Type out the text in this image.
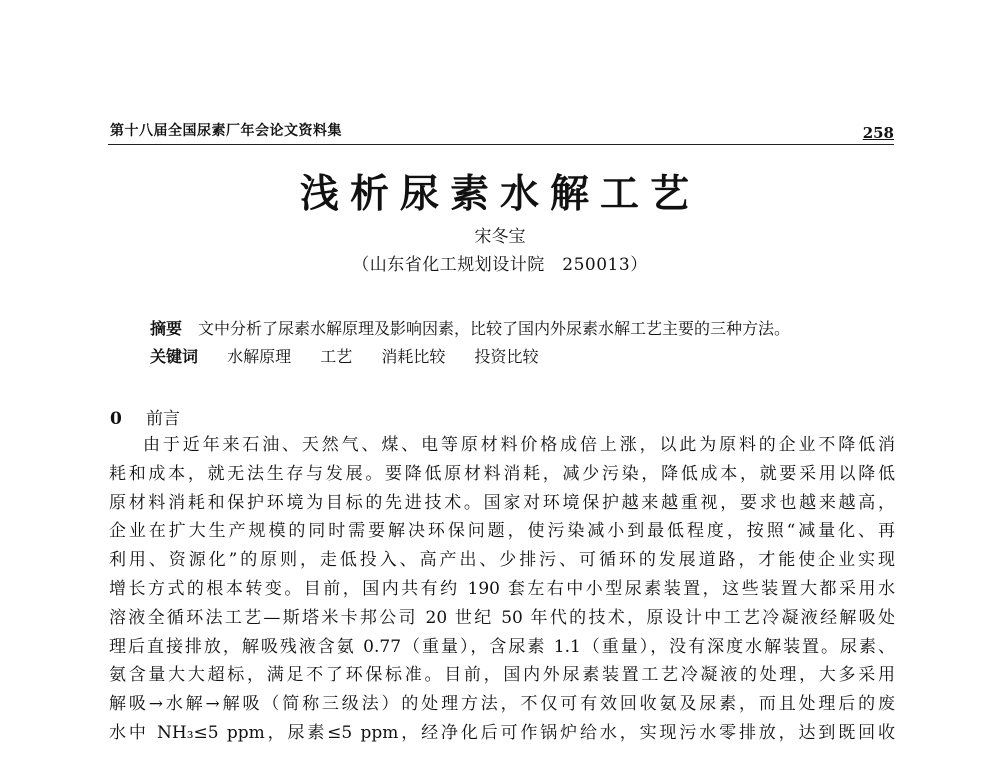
第十八届全国尿素厂年会论文资料集	258
浅析尿素水解工艺
宋冬宝
（山东省化工规划设计院　250013）
摘要 文中分析了尿素水解原理及影响因素，比较了国内外尿素水解工艺主要的三种方法。
关键词 水解原理 工艺 消耗比较 投资比较
0 前言
由于近年来石油、天然气、煤、电等原材料价格成倍上涨，以此为原料的企业不降低消
耗和成本，就无法生存与发展。要降低原材料消耗，减少污染，降低成本，就要采用以降低
原材料消耗和保护环境为目标的先进技术。国家对环境保护越来越重视，要求也越来越高，
企业在扩大生产规模的同时需要解决环保问题，使污染减小到最低程度，按照“减量化、再
利用、资源化”的原则，走低投入、高产出、少排污、可循环的发展道路，才能使企业实现
增长方式的根本转变。目前，国内共有约 190 套左右中小型尿素装置，这些装置大都采用水
溶液全循环法工艺—斯塔米卡邦公司 20 世纪 50 年代的技术，原设计中工艺冷凝液经解吸处
理后直接排放，解吸残液含氨 0.77（重量），含尿素 1.1（重量），没有深度水解装置。尿素、
氨含量大大超标，满足不了环保标准。目前，国内外尿素装置工艺冷凝液的处理，大多采用
解吸→水解→解吸（简称三级法）的处理方法，不仅可有效回收氨及尿素，而且处理后的废
水中 NH₃≤5 ppm，尿素≤5 ppm，经净化后可作锅炉给水，实现污水零排放，达到既回收
